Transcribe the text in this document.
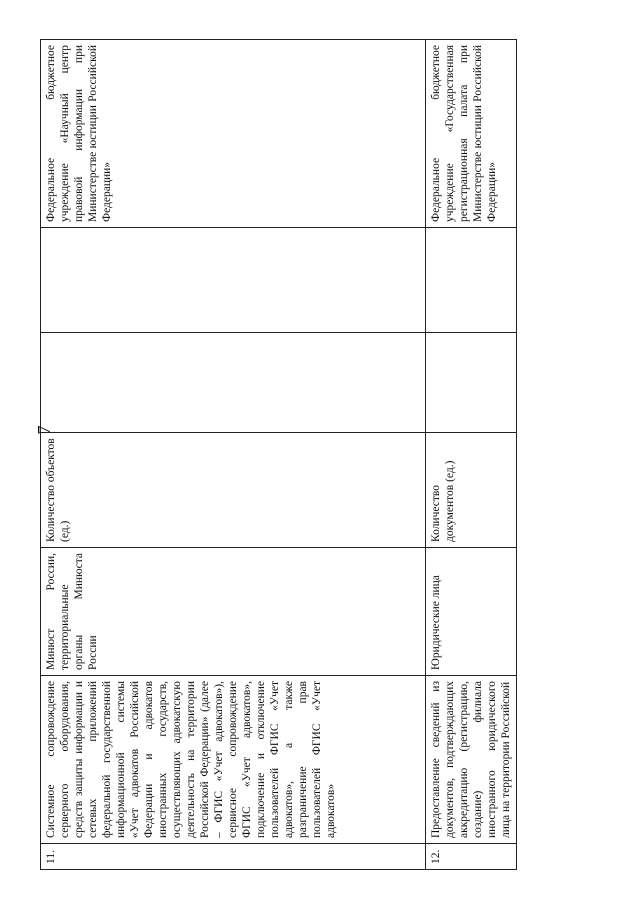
7
11.	Системное сопровождение серверного оборудования, средств защиты информации и сетевых приложений федеральной государственной информационной системы «Учет адвокатов Российской Федерации и адвокатов иностранных государств, осуществляющих адвокатскую деятельность на территории Российской Федерации» (далее – ФГИС «Учет адвокатов»), сервисное сопровождение ФГИС «Учет адвокатов», подключение и отключение пользователей ФГИС «Учет адвокатов», а также разграничение прав пользователей ФГИС «Учет адвокатов»	Минюст России, территориальные органы Минюста России	Количество объектов (ед.)			Федеральное бюджетное учреждение «Научный центр правовой информации при Министерстве юстиции Российской Федерации»
12.	Предоставление сведений из документов, подтверждающих аккредитацию (регистрацию, создание) филиала иностранного юридического лица на территории Российской	Юридические лица	Количество документов (ед.)			Федеральное бюджетное учреждение «Государственная регистрационная палата при Министерстве юстиции Российской Федерации»
